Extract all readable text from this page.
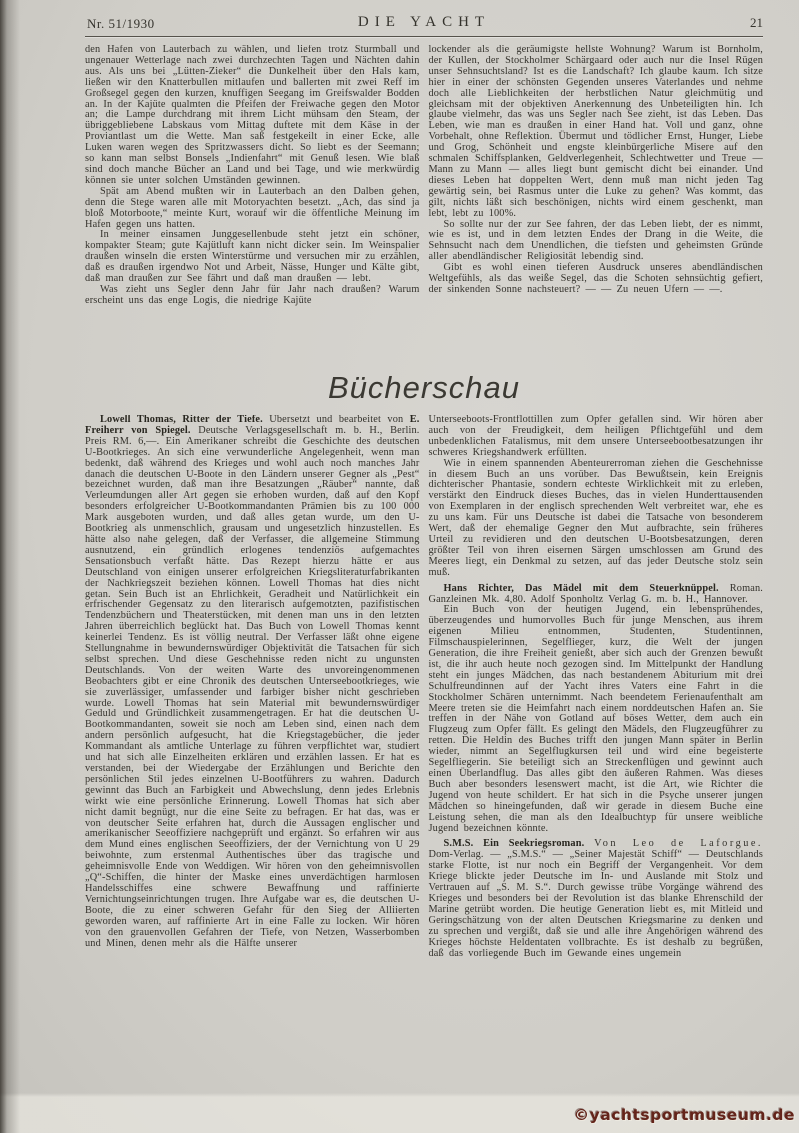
Nr. 51/1930	DIE YACHT	21

den Hafen von Lauterbach zu wählen, und liefen trotz Sturmball und ungenauer Wetterlage nach zwei durchzechten Tagen und Nächten dahin aus. Als uns bei „Lütten-Zieker“ die Dunkelheit über den Hals kam, ließen wir den Knatterbullen mitlaufen und ballerten mit zwei Reff im Großsegel gegen den kurzen, knuffigen Seegang im Greifswalder Bodden an. In der Kajüte qualmten die Pfeifen der Freiwache gegen den Motor an; die Lampe durchdrang mit ihrem Licht mühsam den Steam, der übriggebliebene Labskaus vom Mittag duftete mit dem Käse in der Proviantlast um die Wette. Man saß festgekeilt in einer Ecke, alle Luken waren wegen des Spritzwassers dicht. So liebt es der Seemann; so kann man selbst Bonsels „Indienfahrt“ mit Genuß lesen. Wie blaß sind doch manche Bücher an Land und bei Tage, und wie merkwürdig können sie unter solchen Umständen gewinnen.

Spät am Abend mußten wir in Lauterbach an den Dalben gehen, denn die Stege waren alle mit Motoryachten besetzt. „Ach, das sind ja bloß Motorboote,“ meinte Kurt, worauf wir die öffentliche Meinung im Hafen gegen uns hatten.

In meiner einsamen Junggesellenbude steht jetzt ein schöner, kompakter Steam; gute Kajütluft kann nicht dicker sein. Im Weinspalier draußen winseln die ersten Winterstürme und versuchen mir zu erzählen, daß es draußen irgendwo Not und Arbeit, Nässe, Hunger und Kälte gibt, daß man draußen zur See fährt und daß man draußen — lebt.

Was zieht uns Segler denn Jahr für Jahr nach draußen? Warum erscheint uns das enge Logis, die niedrige Kajüte

lockender als die geräumigste hellste Wohnung? Warum ist Bornholm, der Kullen, der Stockholmer Schärgaard oder auch nur die Insel Rügen unser Sehnsuchtsland? Ist es die Landschaft? Ich glaube kaum. Ich sitze hier in einer der schönsten Gegenden unseres Vaterlandes und nehme doch alle Lieblichkeiten der herbstlichen Natur gleichmütig und gleichsam mit der objektiven Anerkennung des Unbeteiligten hin. Ich glaube vielmehr, das was uns Segler nach See zieht, ist das Leben. Das Leben, wie man es draußen in einer Hand hat. Voll und ganz, ohne Vorbehalt, ohne Reflektion. Übermut und tödlicher Ernst, Hunger, Liebe und Grog, Schönheit und engste kleinbürgerliche Misere auf den schmalen Schiffsplanken, Geldverlegenheit, Schlechtwetter und Treue — Mann zu Mann — alles liegt bunt gemischt dicht bei einander. Und dieses Leben hat doppelten Wert, denn muß man nicht jeden Tag gewärtig sein, bei Rasmus unter die Luke zu gehen? Was kommt, das gilt, nichts läßt sich beschönigen, nichts wird einem geschenkt, man lebt, lebt zu 100%.

So sollte nur der zur See fahren, der das Leben liebt, der es nimmt, wie es ist, und in dem letzten Endes der Drang in die Weite, die Sehnsucht nach dem Unendlichen, die tiefsten und geheimsten Gründe aller abendländischer Religiosität lebendig sind.

Gibt es wohl einen tieferen Ausdruck unseres abendländischen Weltgefühls, als das weiße Segel, das die Schoten sehnsüchtig gefiert, der sinkenden Sonne nachsteuert? — — Zu neuen Ufern — —.

Bücherschau

Lowell Thomas, Ritter der Tiefe. Übersetzt und bearbeitet von E. Freiherr von Spiegel. Deutsche Verlagsgesellschaft m. b. H., Berlin. Preis RM. 6,—. Ein Amerikaner schreibt die Geschichte des deutschen U-Bootkrieges. An sich eine verwunderliche Angelegenheit, wenn man bedenkt, daß während des Krieges und wohl auch noch manches Jahr danach die deutschen U-Boote in den Ländern unserer Gegner als „Pest“ bezeichnet wurden, daß man ihre Besatzungen „Räuber“ nannte, daß Verleumdungen aller Art gegen sie erhoben wurden, daß auf den Kopf besonders erfolgreicher U-Bootkommandanten Prämien bis zu 100 000 Mark ausgeboten wurden, und daß alles getan wurde, um den U-Bootkrieg als unmenschlich, grausam und ungesetzlich hinzustellen. Es hätte also nahe gelegen, daß der Verfasser, die allgemeine Stimmung ausnutzend, ein gründlich erlogenes tendenziös aufgemachtes Sensationsbuch verfaßt hätte. Das Rezept hierzu hätte er aus Deutschland von einigen unserer erfolgreichen Kriegsliteraturfabrikanten der Nachkriegszeit beziehen können. Lowell Thomas hat dies nicht getan. Sein Buch ist an Ehrlichkeit, Geradheit und Natürlichkeit ein erfrischender Gegensatz zu den literarisch aufgemotzten, pazifistischen Tendenzbüchern und Theaterstücken, mit denen man uns in den letzten Jahren überreichlich beglückt hat. Das Buch von Lowell Thomas kennt keinerlei Tendenz. Es ist völlig neutral. Der Verfasser läßt ohne eigene Stellungnahme in bewundernswürdiger Objektivität die Tatsachen für sich selbst sprechen. Und diese Geschehnisse reden nicht zu ungunsten Deutschlands. Von der weiten Warte des unvoreingenommenen Beobachters gibt er eine Chronik des deutschen Unterseebootkrieges, wie sie zuverlässiger, umfassender und farbiger bisher nicht geschrieben wurde. Lowell Thomas hat sein Material mit bewundernswürdiger Geduld und Gründlichkeit zusammengetragen. Er hat die deutschen U-Bootkommandanten, soweit sie noch am Leben sind, einen nach dem andern persönlich aufgesucht, hat die Kriegstagebücher, die jeder Kommandant als amtliche Unterlage zu führen verpflichtet war, studiert und hat sich alle Einzelheiten erklären und erzählen lassen. Er hat es verstanden, bei der Wiedergabe der Erzählungen und Berichte den persönlichen Stil jedes einzelnen U-Bootführers zu wahren. Dadurch gewinnt das Buch an Farbigkeit und Abwechslung, denn jedes Erlebnis wirkt wie eine persönliche Erinnerung. Lowell Thomas hat sich aber nicht damit begnügt, nur die eine Seite zu befragen. Er hat das, was er von deutscher Seite erfahren hat, durch die Aussagen englischer und amerikanischer Seeoffiziere nachgeprüft und ergänzt. So erfahren wir aus dem Mund eines englischen Seeoffiziers, der der Vernichtung von U 29 beiwohnte, zum erstenmal Authentisches über das tragische und geheimnisvolle Ende von Weddigen. Wir hören von den geheimnisvollen „Q“-Schiffen, die hinter der Maske eines unverdächtigen harmlosen Handelsschiffes eine schwere Bewaffnung und raffinierte Vernichtungseinrichtungen trugen. Ihre Aufgabe war es, die deutschen U-Boote, die zu einer schweren Gefahr für den Sieg der Alliierten geworden waren, auf raffinierte Art in eine Falle zu locken. Wir hören von den grauenvollen Gefahren der Tiefe, von Netzen, Wasserbomben und Minen, denen mehr als die Hälfte unserer

Unterseeboots-Frontflottillen zum Opfer gefallen sind. Wir hören aber auch von der Freudigkeit, dem heiligen Pflichtgefühl und dem unbedenklichen Fatalismus, mit dem unsere Unterseebootbesatzungen ihr schweres Kriegshandwerk erfüllten.

Wie in einem spannenden Abenteurerroman ziehen die Geschehnisse in diesem Buch an uns vorüber. Das Bewußtsein, kein Ereignis dichterischer Phantasie, sondern echteste Wirklichkeit mit zu erleben, verstärkt den Eindruck dieses Buches, das in vielen Hunderttausenden von Exemplaren in der englisch sprechenden Welt verbreitet war, ehe es zu uns kam. Für uns Deutsche ist dabei die Tatsache von besonderem Wert, daß der ehemalige Gegner den Mut aufbrachte, sein früheres Urteil zu revidieren und den deutschen U-Bootsbesatzungen, deren größter Teil von ihren eisernen Särgen umschlossen am Grund des Meeres liegt, ein Denkmal zu setzen, auf das jeder Deutsche stolz sein muß.

Hans Richter, Das Mädel mit dem Steuerknüppel. Roman. Ganzleinen Mk. 4,80. Adolf Sponholtz Verlag G. m. b. H., Hannover.

Ein Buch von der heutigen Jugend, ein lebensprühendes, überzeugendes und humorvolles Buch für junge Menschen, aus ihrem eigenen Milieu entnommen, Studenten, Studentinnen, Filmschauspielerinnen, Segelflieger, kurz, die Welt der jungen Generation, die ihre Freiheit genießt, aber sich auch der Grenzen bewußt ist, die ihr auch heute noch gezogen sind. Im Mittelpunkt der Handlung steht ein junges Mädchen, das nach bestandenem Abiturium mit drei Schulfreundinnen auf der Yacht ihres Vaters eine Fahrt in die Stockholmer Schären unternimmt. Nach beendetem Ferienaufenthalt am Meere treten sie die Heimfahrt nach einem norddeutschen Hafen an. Sie treffen in der Nähe von Gotland auf böses Wetter, dem auch ein Flugzeug zum Opfer fällt. Es gelingt den Mädels, den Flugzeugführer zu retten. Die Heldin des Buches trifft den jungen Mann später in Berlin wieder, nimmt an Segelflugkursen teil und wird eine begeisterte Segelfliegerin. Sie beteiligt sich an Streckenflügen und gewinnt auch einen Überlandflug. Das alles gibt den äußeren Rahmen. Was dieses Buch aber besonders lesenswert macht, ist die Art, wie Richter die Jugend von heute schildert. Er hat sich in die Psyche unserer jungen Mädchen so hineingefunden, daß wir gerade in diesem Buche eine Leistung sehen, die man als den Idealbuchtyp für unsere weibliche Jugend bezeichnen könnte.

S.M.S. Ein Seekriegsroman. Von Leo de Laforgue. Dom-Verlag. — „S.M.S.“ — „Seiner Majestät Schiff“ — Deutschlands starke Flotte, ist nur noch ein Begriff der Vergangenheit. Vor dem Kriege blickte jeder Deutsche im In- und Auslande mit Stolz und Vertrauen auf „S. M. S.“. Durch gewisse trübe Vorgänge während des Krieges und besonders bei der Revolution ist das blanke Ehrenschild der Marine getrübt worden. Die heutige Generation liebt es, mit Mitleid und Geringschätzung von der alten Deutschen Kriegsmarine zu denken und zu sprechen und vergißt, daß sie und alle ihre Angehörigen während des Krieges höchste Heldentaten vollbrachte. Es ist deshalb zu begrüßen, daß das vorliegende Buch im Gewande eines ungemein

©yachtsportmuseum.de
